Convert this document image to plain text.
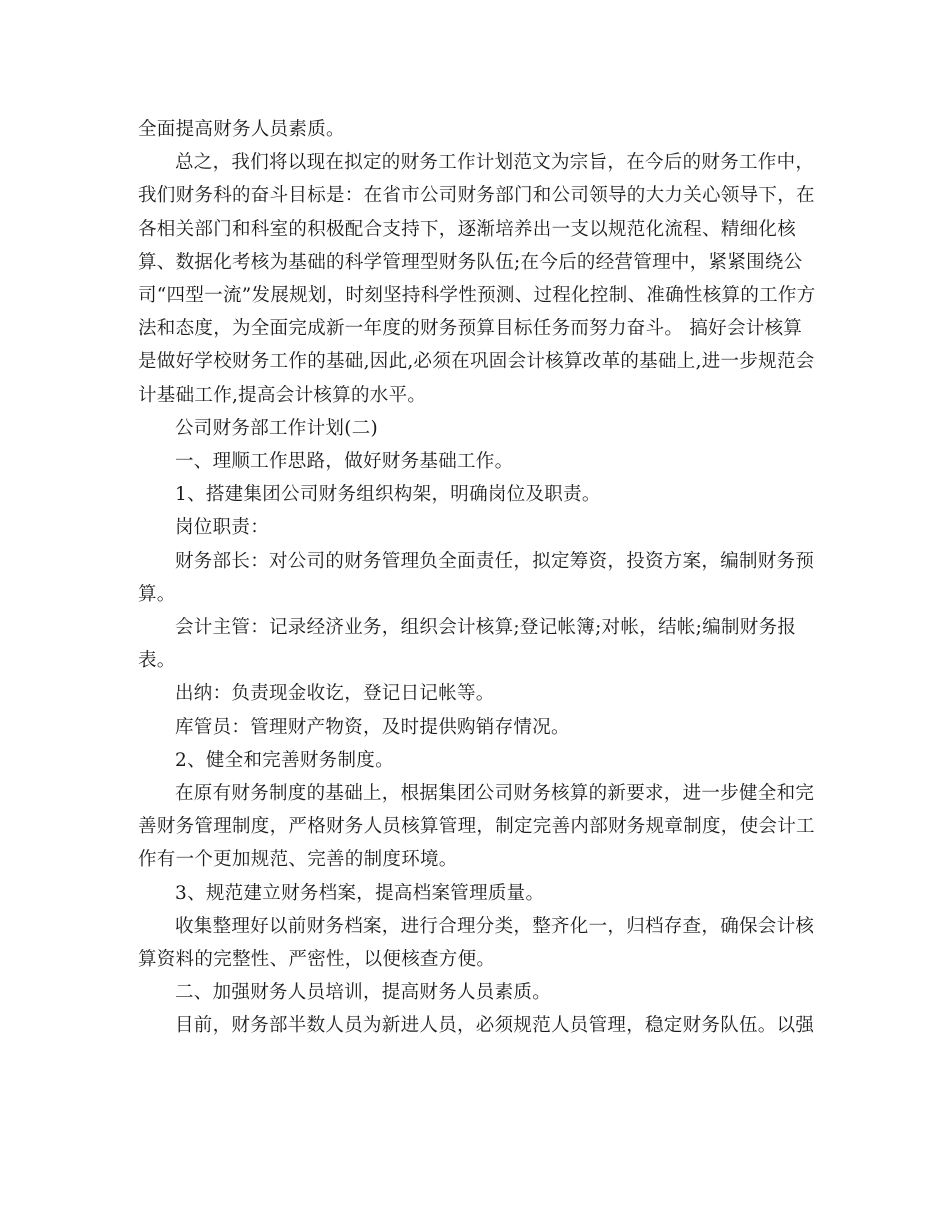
全面提高财务人员素质。

总之，我们将以现在拟定的财务工作计划范文为宗旨，在今后的财务工作中，我们财务科的奋斗目标是：在省市公司财务部门和公司领导的大力关心领导下，在各相关部门和科室的积极配合支持下，逐渐培养出一支以规范化流程、精细化核算、数据化考核为基础的科学管理型财务队伍;在今后的经营管理中，紧紧围绕公司“四型一流”发展规划，时刻坚持科学性预测、过程化控制、准确性核算的工作方法和态度，为全面完成新一年度的财务预算目标任务而努力奋斗。 搞好会计核算是做好学校财务工作的基础,因此,必须在巩固会计核算改革的基础上,进一步规范会计基础工作,提高会计核算的水平。

公司财务部工作计划(二)

一、理顺工作思路，做好财务基础工作。

1、搭建集团公司财务组织构架，明确岗位及职责。

岗位职责：

财务部长：对公司的财务管理负全面责任，拟定筹资，投资方案，编制财务预算。

会计主管：记录经济业务，组织会计核算;登记帐簿;对帐，结帐;编制财务报表。

出纳：负责现金收讫，登记日记帐等。

库管员：管理财产物资，及时提供购销存情况。

2、健全和完善财务制度。

在原有财务制度的基础上，根据集团公司财务核算的新要求，进一步健全和完善财务管理制度，严格财务人员核算管理，制定完善内部财务规章制度，使会计工作有一个更加规范、完善的制度环境。

3、规范建立财务档案，提高档案管理质量。

收集整理好以前财务档案，进行合理分类，整齐化一，归档存查，确保会计核算资料的完整性、严密性，以便核查方便。

二、加强财务人员培训，提高财务人员素质。

目前，财务部半数人员为新进人员，必须规范人员管理，稳定财务队伍。以强
